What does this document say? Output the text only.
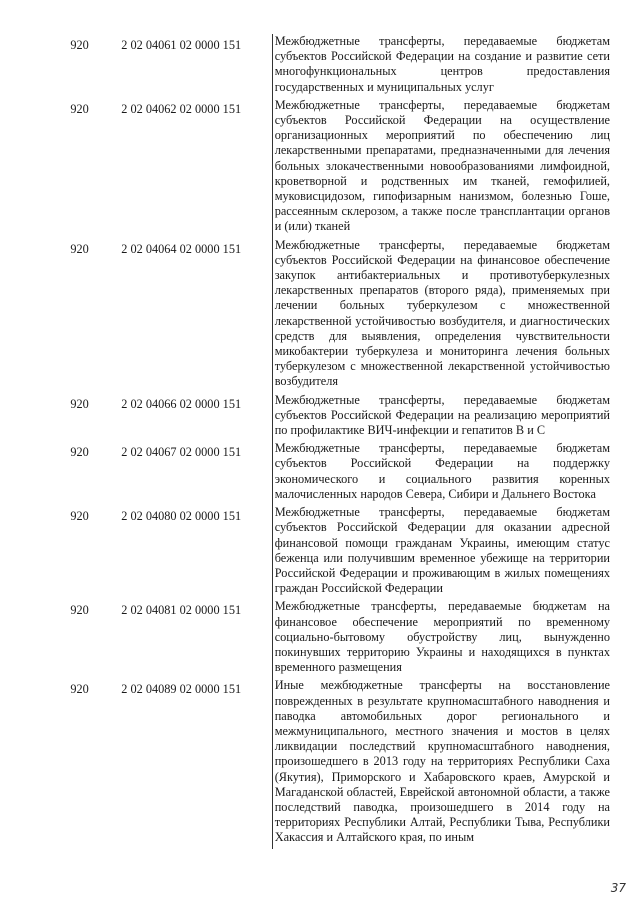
920	2 02 04061 02 0000 151	Межбюджетные трансферты, передаваемые бюджетам субъектов Российской Федерации на создание и развитие сети многофункциональных центров предоставления государственных и муниципальных услуг
920	2 02 04062 02 0000 151	Межбюджетные трансферты, передаваемые бюджетам субъектов Российской Федерации на осуществление организационных мероприятий по обеспечению лиц лекарственными препаратами, предназначенными для лечения больных злокачественными новообразованиями лимфоидной, кроветворной и родственных им тканей, гемофилией, муковисцидозом, гипофизарным нанизмом, болезнью Гоше, рассеянным склерозом, а также после трансплантации органов и (или) тканей
920	2 02 04064 02 0000 151	Межбюджетные трансферты, передаваемые бюджетам субъектов Российской Федерации на финансовое обеспечение закупок антибактериальных и противотуберкулезных лекарственных препаратов (второго ряда), применяемых при лечении больных туберкулезом с множественной лекарственной устойчивостью возбудителя, и диагностических средств для выявления, определения чувствительности микобактерии туберкулеза и мониторинга лечения больных туберкулезом с множественной лекарственной устойчивостью возбудителя
920	2 02 04066 02 0000 151	Межбюджетные трансферты, передаваемые бюджетам субъектов Российской Федерации на реализацию мероприятий по профилактике ВИЧ-инфекции и гепатитов В и С
920	2 02 04067 02 0000 151	Межбюджетные трансферты, передаваемые бюджетам субъектов Российской Федерации на поддержку экономического и социального развития коренных малочисленных народов Севера, Сибири и Дальнего Востока
920	2 02 04080 02 0000 151	Межбюджетные трансферты, передаваемые бюджетам субъектов Российской Федерации для оказании адресной финансовой помощи гражданам Украины, имеющим статус беженца или получившим временное убежище на территории Российской Федерации и проживающим в жилых помещениях граждан Российской Федерации
920	2 02 04081 02 0000 151	Межбюджетные трансферты, передаваемые бюджетам на финансовое обеспечение мероприятий по временному социально-бытовому обустройству лиц, вынужденно покинувших территорию Украины и находящихся в пунктах временного размещения
920	2 02 04089 02 0000 151	Иные межбюджетные трансферты на восстановление поврежденных в результате крупномасштабного наводнения и паводка автомобильных дорог регионального и межмуниципального, местного значения и мостов в целях ликвидации последствий крупномасштабного наводнения, произошедшего в 2013 году на территориях Республики Саха (Якутия), Приморского и Хабаровского краев, Амурской и Магаданской областей, Еврейской автономной области, а также последствий паводка, произошедшего в 2014 году на территориях Республики Алтай, Республики Тыва, Республики Хакассия и Алтайского края, по иным
37
